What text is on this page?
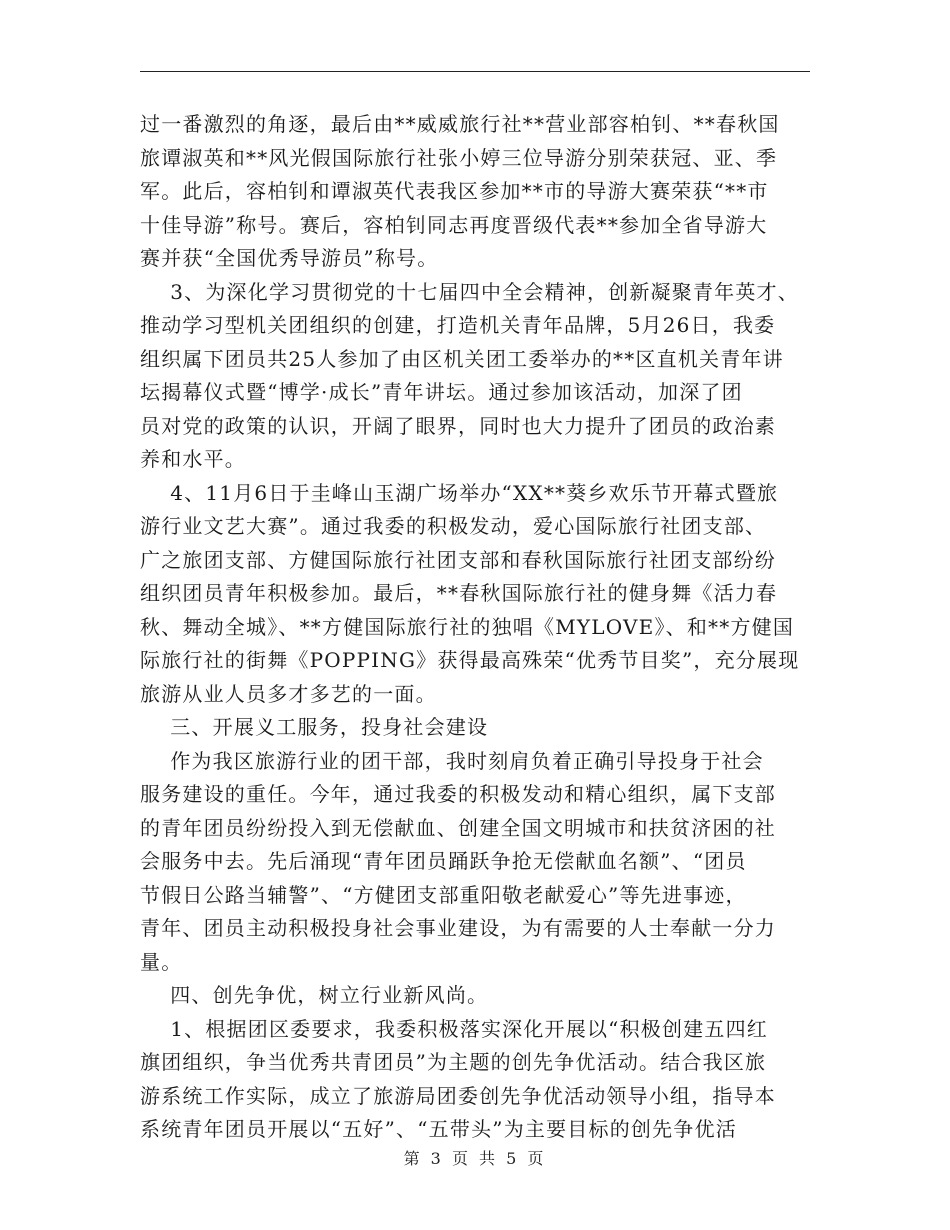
过一番激烈的角逐，最后由**威威旅行社**营业部容柏钊、**春秋国
旅谭淑英和**风光假国际旅行社张小婷三位导游分别荣获冠、亚、季
军。此后，容柏钊和谭淑英代表我区参加**市的导游大赛荣获“**市
十佳导游”称号。赛后，容柏钊同志再度晋级代表**参加全省导游大
赛并获“全国优秀导游员”称号。
3、为深化学习贯彻党的十七届四中全会精神，创新凝聚青年英才、
推动学习型机关团组织的创建，打造机关青年品牌，5月26日，我委
组织属下团员共25人参加了由区机关团工委举办的**区直机关青年讲
坛揭幕仪式暨“博学·成长”青年讲坛。通过参加该活动，加深了团
员对党的政策的认识，开阔了眼界，同时也大力提升了团员的政治素
养和水平。
4、11月6日于圭峰山玉湖广场举办“XX**葵乡欢乐节开幕式暨旅
游行业文艺大赛”。通过我委的积极发动，爱心国际旅行社团支部、
广之旅团支部、方健国际旅行社团支部和春秋国际旅行社团支部纷纷
组织团员青年积极参加。最后，**春秋国际旅行社的健身舞《活力春
秋、舞动全城》、**方健国际旅行社的独唱《MYLOVE》、和**方健国
际旅行社的街舞《POPPING》获得最高殊荣“优秀节目奖”，充分展现
旅游从业人员多才多艺的一面。
三、开展义工服务，投身社会建设
作为我区旅游行业的团干部，我时刻肩负着正确引导投身于社会
服务建设的重任。今年，通过我委的积极发动和精心组织，属下支部
的青年团员纷纷投入到无偿献血、创建全国文明城市和扶贫济困的社
会服务中去。先后涌现“青年团员踊跃争抢无偿献血名额”、“团员
节假日公路当辅警”、“方健团支部重阳敬老献爱心”等先进事迹，
青年、团员主动积极投身社会事业建设，为有需要的人士奉献一分力
量。
四、创先争优，树立行业新风尚。
1、根据团区委要求，我委积极落实深化开展以“积极创建五四红
旗团组织，争当优秀共青团员”为主题的创先争优活动。结合我区旅
游系统工作实际，成立了旅游局团委创先争优活动领导小组，指导本
系统青年团员开展以“五好”、“五带头”为主要目标的创先争优活
第 3 页 共 5 页
